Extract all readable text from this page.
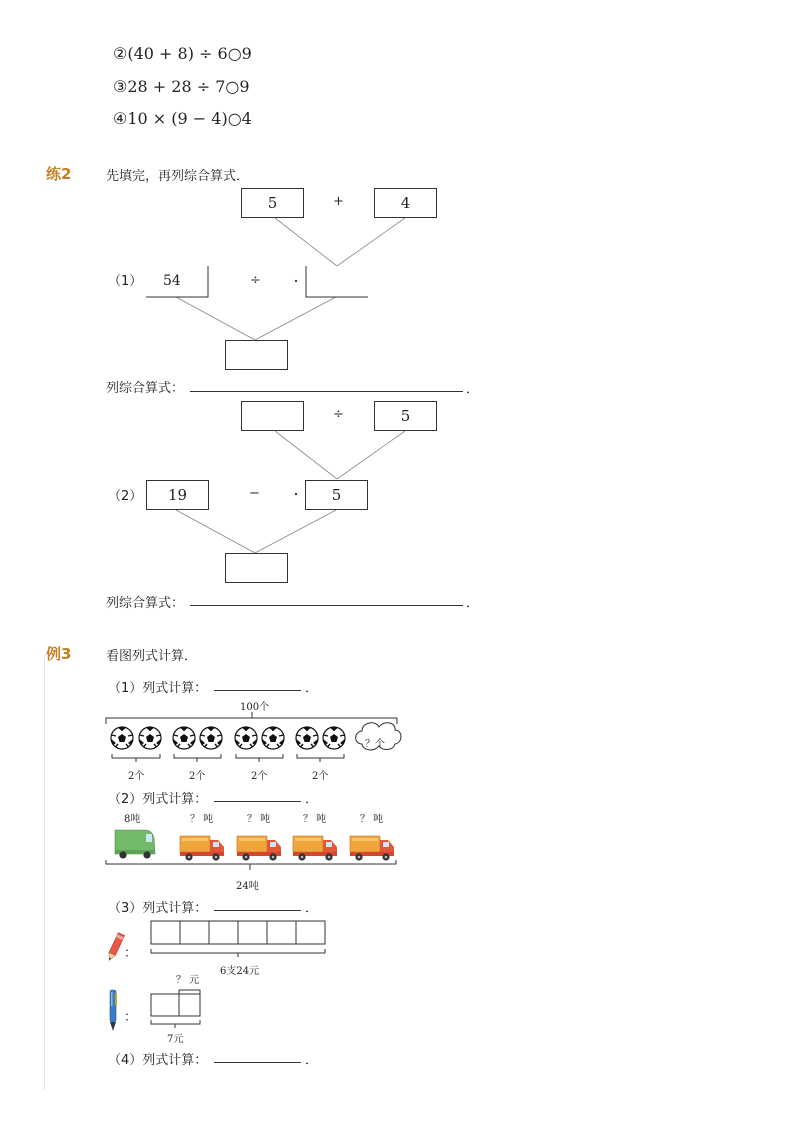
②(40 + 8) ÷ 6○9
③28 + 28 ÷ 7○9
④10 × (9 − 4)○4
练2	先填完，再列综合算式．
5	+	4
（1） 54	÷
列综合算式：	．
÷	5
（2）	19	−	5
列综合算式：	．
例3	看图列式计算．
（1）列式计算：	．
100个
？个
2个	2个	2个	2个
（2）列式计算：	．
8吨	？ 吨	？ 吨	？ 吨	？ 吨
24吨
（3）列式计算：	．
：
6支24元
？ 元
：
7元
（4）列式计算：	．
